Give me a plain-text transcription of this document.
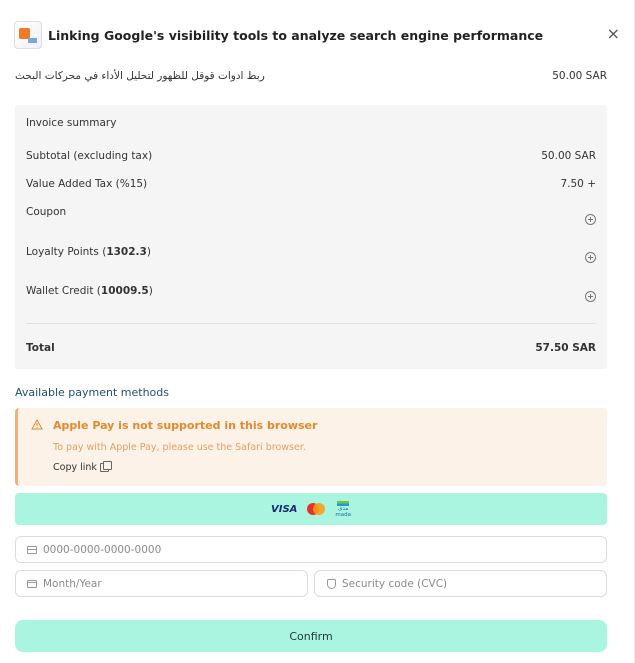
Linking Google's visibility tools to analyze search engine performance	×
ربط ادوات قوقل للظهور لتحليل الأداء في محركات البحث	50.00 SAR
Invoice summary
Subtotal (excluding tax)	50.00 SAR
Value Added Tax (%15)	7.50 +
Coupon
Loyalty Points (1302.3)
Wallet Credit (10009.5)
Total	57.50 SAR
Available payment methods
Apple Pay is not supported in this browser
To pay with Apple Pay, please use the Safari browser.
Copy link
VISA	مدى
mada
0000-0000-0000-0000
Month/Year	Security code (CVC)
Confirm
